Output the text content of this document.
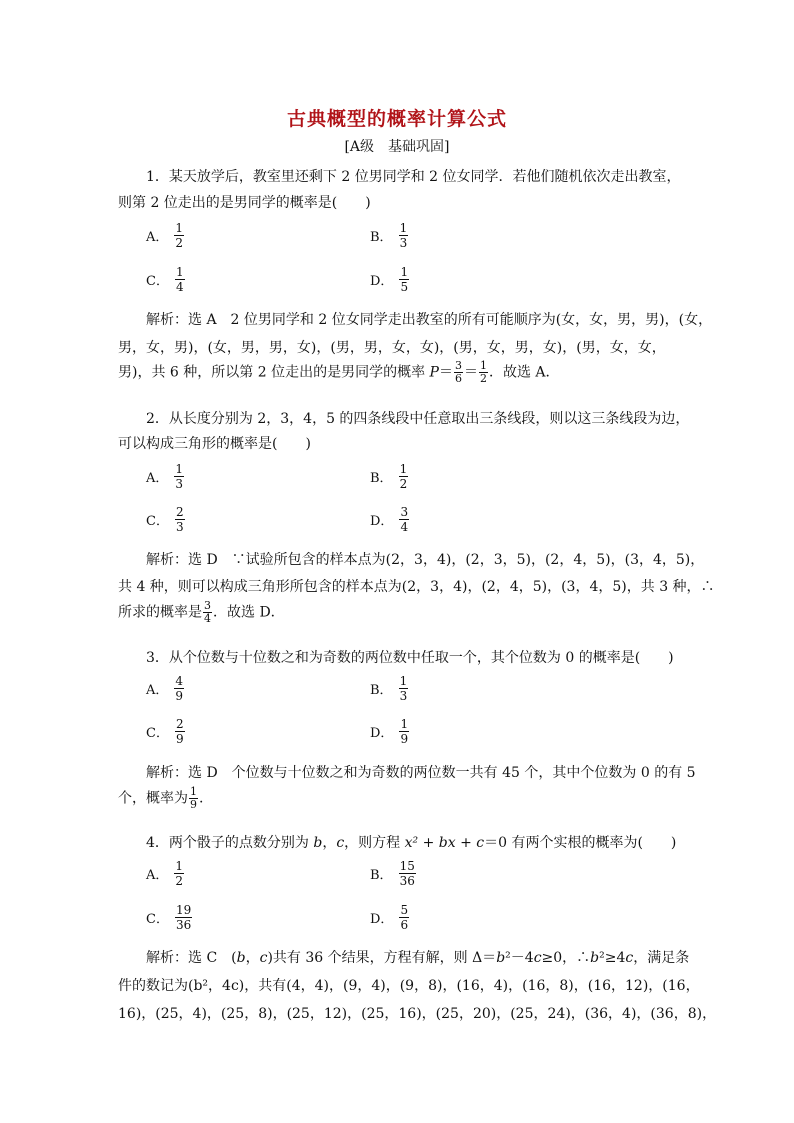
古典概型的概率计算公式
[A级　基础巩固]
1．某天放学后，教室里还剩下 2 位男同学和 2 位女同学．若他们随机依次走出教室，
则第 2 位走出的是男同学的概率是(　　)
A． $\frac{1}{2}$	B． $\frac{1}{3}$
C． $\frac{1}{4}$	D． $\frac{1}{5}$
解析：选 A　2 位男同学和 2 位女同学走出教室的所有可能顺序为(女，女，男，男)，(女，
男，女，男)，(女，男，男，女)，(男，男，女，女)，(男，女，男，女)，(男，女，女，
男)，共 6 种，所以第 2 位走出的是男同学的概率 $P= \frac{3}{6} = \frac{1}{2}$ ．故选 A．
2．从长度分别为 2，3，4，5 的四条线段中任意取出三条线段，则以这三条线段为边，
可以构成三角形的概率是(　　)
A． $\frac{1}{3}$	B． $\frac{1}{2}$
C． $\frac{2}{3}$	D． $\frac{3}{4}$
解析：选 D　∵试验所包含的样本点为(2，3，4)，(2，3，5)，(2，4，5)，(3，4，5)，
共 4 种，则可以构成三角形所包含的样本点为(2，3，4)，(2，4，5)，(3，4，5)，共 3 种，∴
所求的概率是 $\frac{3}{4}$ ．故选 D．
3．从个位数与十位数之和为奇数的两位数中任取一个，其个位数为 0 的概率是(　　)
A． $\frac{4}{9}$	B． $\frac{1}{3}$
C． $\frac{2}{9}$	D． $\frac{1}{9}$
解析：选 D　个位数与十位数之和为奇数的两位数一共有 45 个，其中个位数为 0 的有 5
个，概率为 $\frac{1}{9}$ .
4．两个骰子的点数分别为 b，c，则方程 x² + bx + c＝0 有两个实根的概率为(　　)
A． $\frac{1}{2}$	B． $\frac{15}{36}$
C． $\frac{19}{36}$	D． $\frac{5}{6}$
解析：选 C　(b，c)共有 36 个结果，方程有解，则 Δ＝b²－4c≥0，∴b²≥4c，满足条
件的数记为(b²，4c)，共有(4，4)，(9，4)，(9，8)，(16，4)，(16，8)，(16，12)，(16，
16)，(25，4)，(25，8)，(25，12)，(25，16)，(25，20)，(25，24)，(36，4)，(36，8)，
